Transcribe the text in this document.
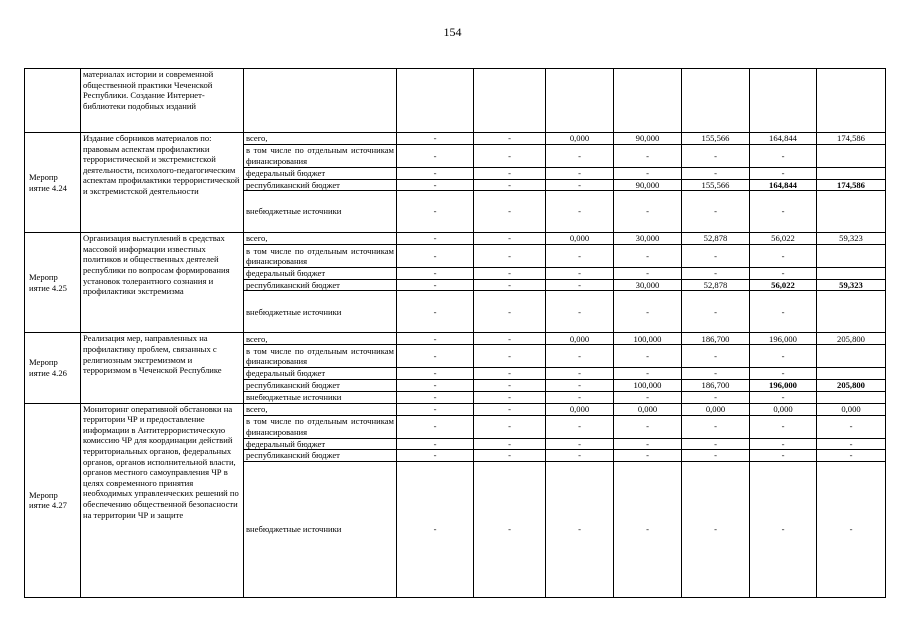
154
	материалах истории и современной общественной практики Чеченской Республики. Создание Интернет-библиотеки подобных изданий								
Меропр иятие 4.24	Издание сборников материалов по: правовым аспектам профилактики террористической и экстремистской деятельности, психолого-педагогическим аспектам профилактики террористической и экстремистской деятельности	всего,	-	-	0,000	90,000	155,566	164,844	174,586
		в том числе по отдельным источникам финансирования	-	-	-	-	-	-	
		федеральный бюджет	-	-	-	-	-	-	
		республиканский бюджет	-	-	-	90,000	155,566	164,844	174,586
		внебюджетные источники	-	-	-	-	-	-	
Меропр иятие 4.25	Организация выступлений в средствах массовой информации известных политиков и общественных деятелей республики по вопросам формирования установок толерантного сознания и профилактики экстремизма	всего,	-	-	0,000	30,000	52,878	56,022	59,323
		в том числе по отдельным источникам финансирования	-	-	-	-	-	-	
		федеральный бюджет	-	-	-	-	-	-	
		республиканский бюджет	-	-	-	30,000	52,878	56,022	59,323
		внебюджетные источники	-	-	-	-	-	-	
Меропр иятие 4.26	Реализация мер, направленных на профилактику проблем, связанных с религиозным экстремизмом и терроризмом в Чеченской Республике	всего,	-	-	0,000	100,000	186,700	196,000	205,800
		в том числе по отдельным источникам финансирования	-	-	-	-	-	-	
		федеральный бюджет	-	-	-	-	-	-	
		республиканский бюджет	-	-	-	100,000	186,700	196,000	205,800
		внебюджетные источники	-	-	-	-	-	-	
Меропр иятие 4.27	Мониторинг оперативной обстановки на территории ЧР и предоставление информации в Антитеррористическую комиссию ЧР для координации действий территориальных органов, федеральных органов, органов исполнительной власти, органов местного самоуправления ЧР в целях современного принятия необходимых управленческих решений по обеспечению общественной безопасности на территории ЧР и защите	всего,	-	-	0,000	0,000	0,000	0,000	0,000
		в том числе по отдельным источникам финансирования	-	-	-	-	-	-	-
		федеральный бюджет	-	-	-	-	-	-	-
		республиканский бюджет	-	-	-	-	-	-	-
		внебюджетные источники	-	-	-	-	-	-	-
